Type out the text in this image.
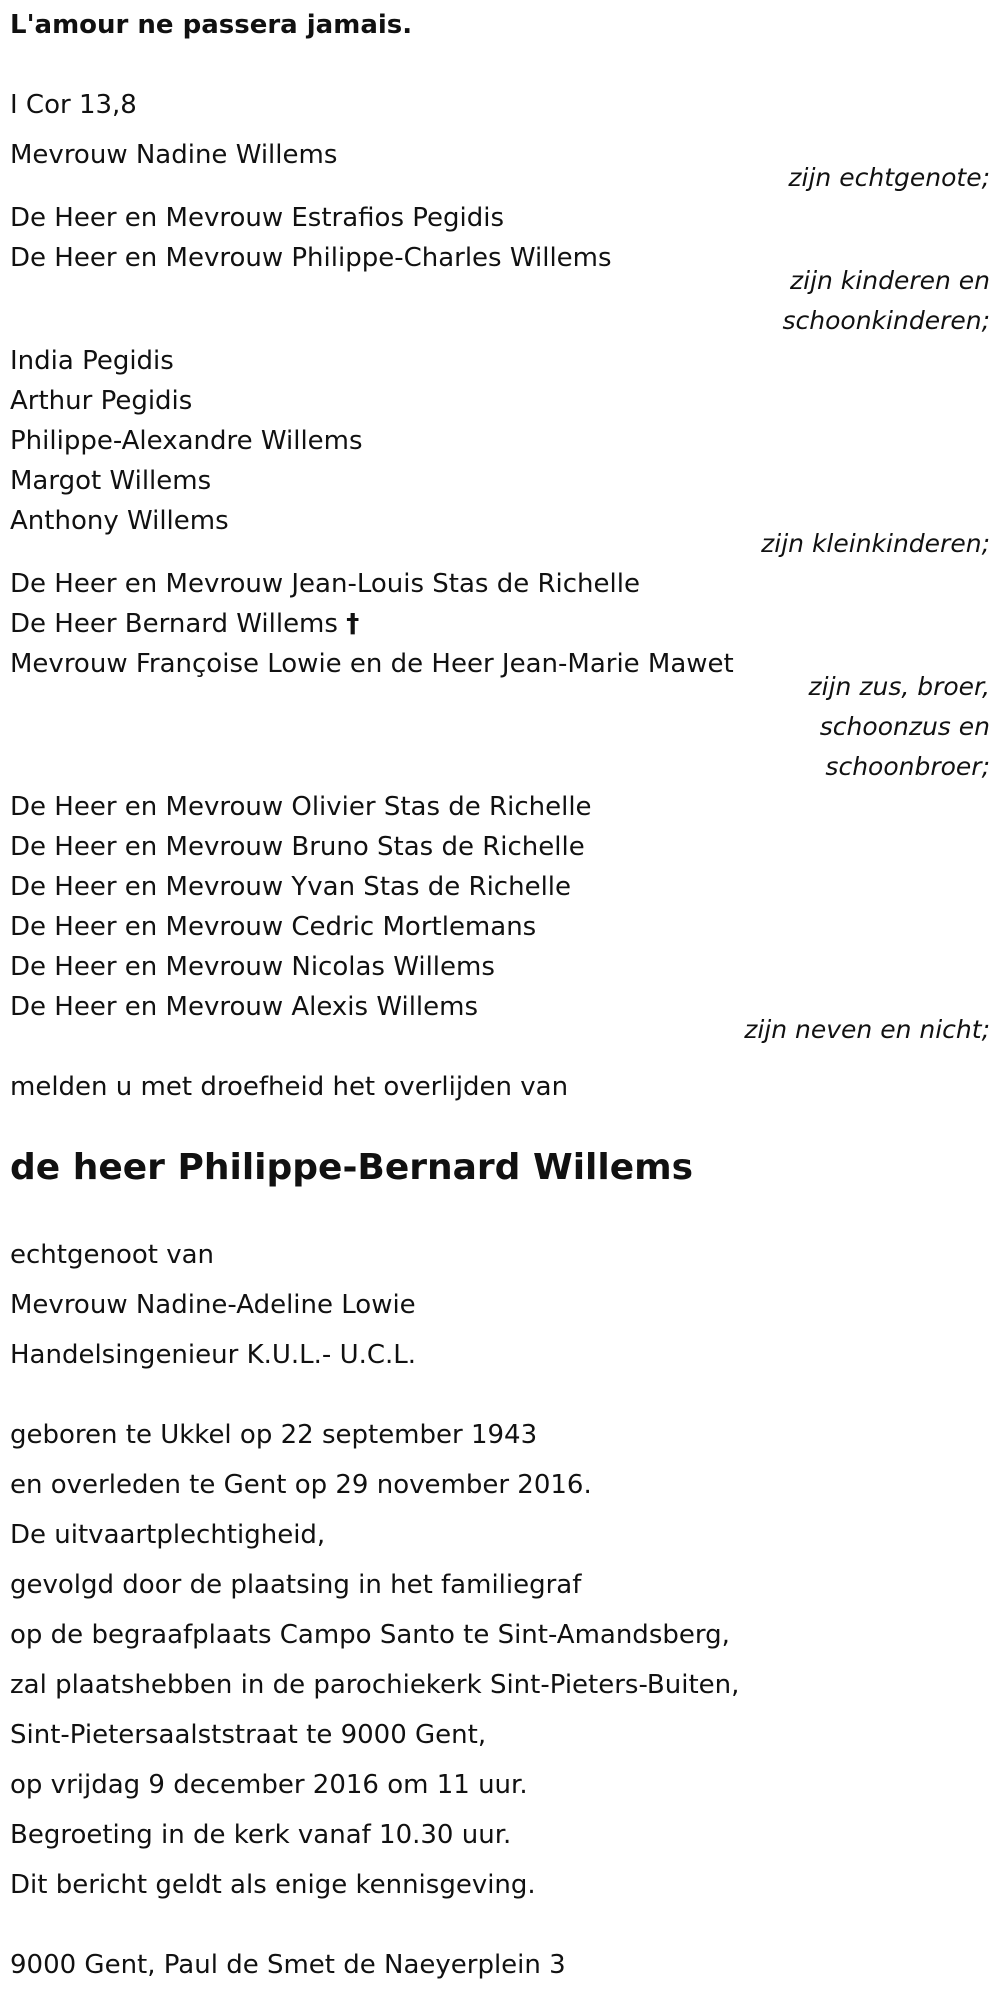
L'amour ne passera jamais.
I Cor 13,8
Mevrouw Nadine Willems
zijn echtgenote;
De Heer en Mevrouw Estrafios Pegidis
De Heer en Mevrouw Philippe-Charles Willems
zijn kinderen en
schoonkinderen;
India Pegidis
Arthur Pegidis
Philippe-Alexandre Willems
Margot Willems
Anthony Willems
zijn kleinkinderen;
De Heer en Mevrouw Jean-Louis Stas de Richelle
De Heer Bernard Willems †
Mevrouw Françoise Lowie en de Heer Jean-Marie Mawet
zijn zus, broer,
schoonzus en
schoonbroer;
De Heer en Mevrouw Olivier Stas de Richelle
De Heer en Mevrouw Bruno Stas de Richelle
De Heer en Mevrouw Yvan Stas de Richelle
De Heer en Mevrouw Cedric Mortlemans
De Heer en Mevrouw Nicolas Willems
De Heer en Mevrouw Alexis Willems
zijn neven en nicht;
melden u met droefheid het overlijden van
de heer Philippe-Bernard Willems
echtgenoot van
Mevrouw Nadine-Adeline Lowie
Handelsingenieur K.U.L.- U.C.L.
geboren te Ukkel op 22 september 1943
en overleden te Gent op 29 november 2016.
De uitvaartplechtigheid,
gevolgd door de plaatsing in het familiegraf
op de begraafplaats Campo Santo te Sint-Amandsberg,
zal plaatshebben in de parochiekerk Sint-Pieters-Buiten,
Sint-Pietersaalststraat te 9000 Gent,
op vrijdag 9 december 2016 om 11 uur.
Begroeting in de kerk vanaf 10.30 uur.
Dit bericht geldt als enige kennisgeving.
9000 Gent, Paul de Smet de Naeyerplein 3
